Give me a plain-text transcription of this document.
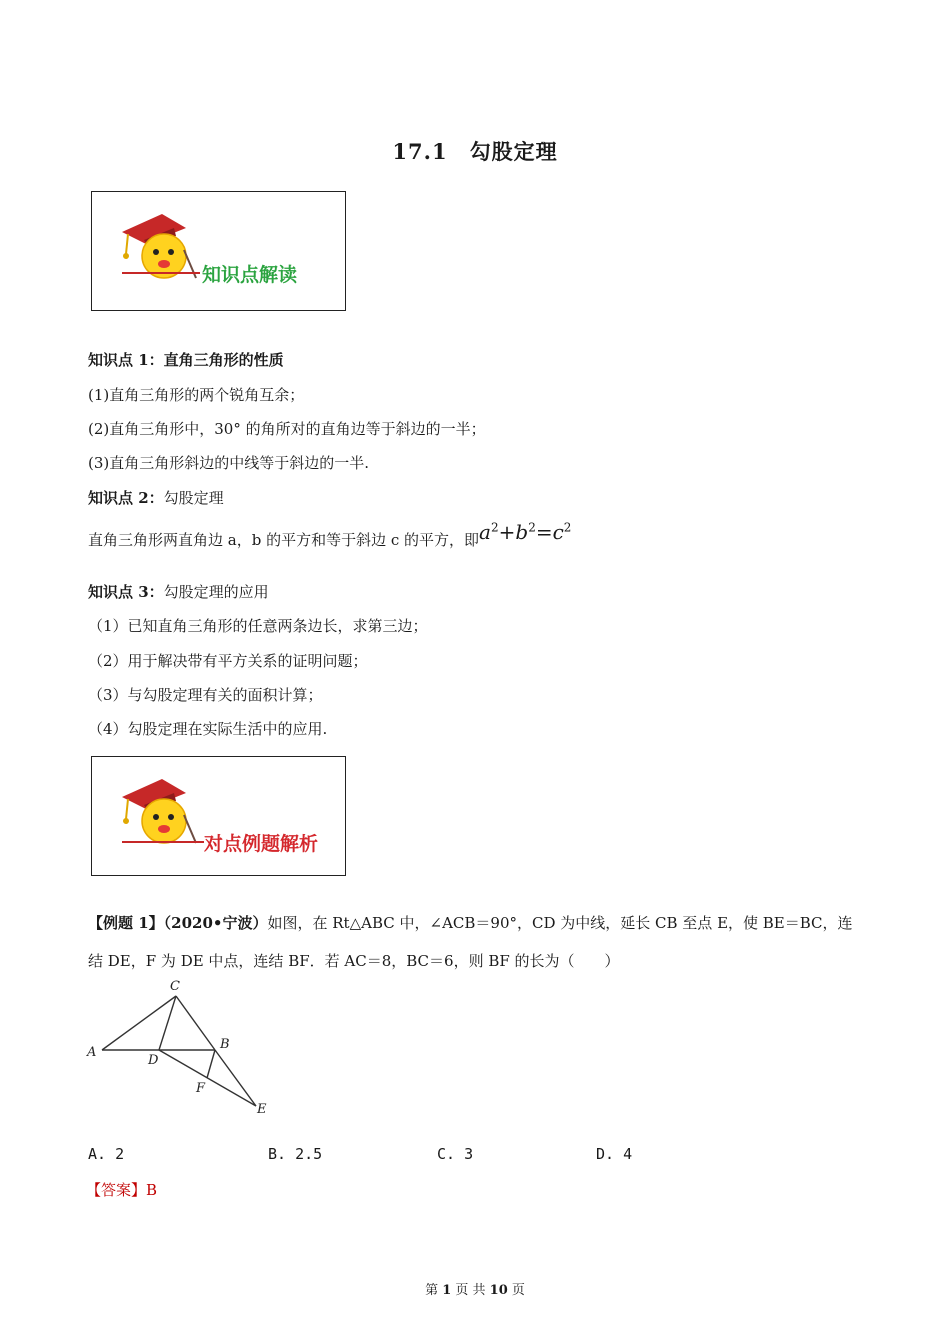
17.1　勾股定理
知识点解读
知识点 1：直角三角形的性质
(1)直角三角形的两个锐角互余；
(2)直角三角形中，30° 的角所对的直角边等于斜边的一半；
(3)直角三角形斜边的中线等于斜边的一半.
知识点 2：勾股定理
直角三角形两直角边 a，b 的平方和等于斜边 c 的平方，即$a^2+b^2=c^2$
知识点 3：勾股定理的应用
（1）已知直角三角形的任意两条边长，求第三边；
（2）用于解决带有平方关系的证明问题；
（3）与勾股定理有关的面积计算；
（4）勾股定理在实际生活中的应用.
对点例题解析
【例题 1】（2020•宁波）如图，在 Rt△ABC 中，∠ACB＝90°，CD 为中线，延长 CB 至点 E，使 BE＝BC，连
结 DE，F 为 DE 中点，连结 BF．若 AC＝8，BC＝6，则 BF 的长为（　　）
C
A
D
B
F
E
A. 2	B. 2.5	C. 3	D. 4
【答案】B
第 1 页 共 10 页
